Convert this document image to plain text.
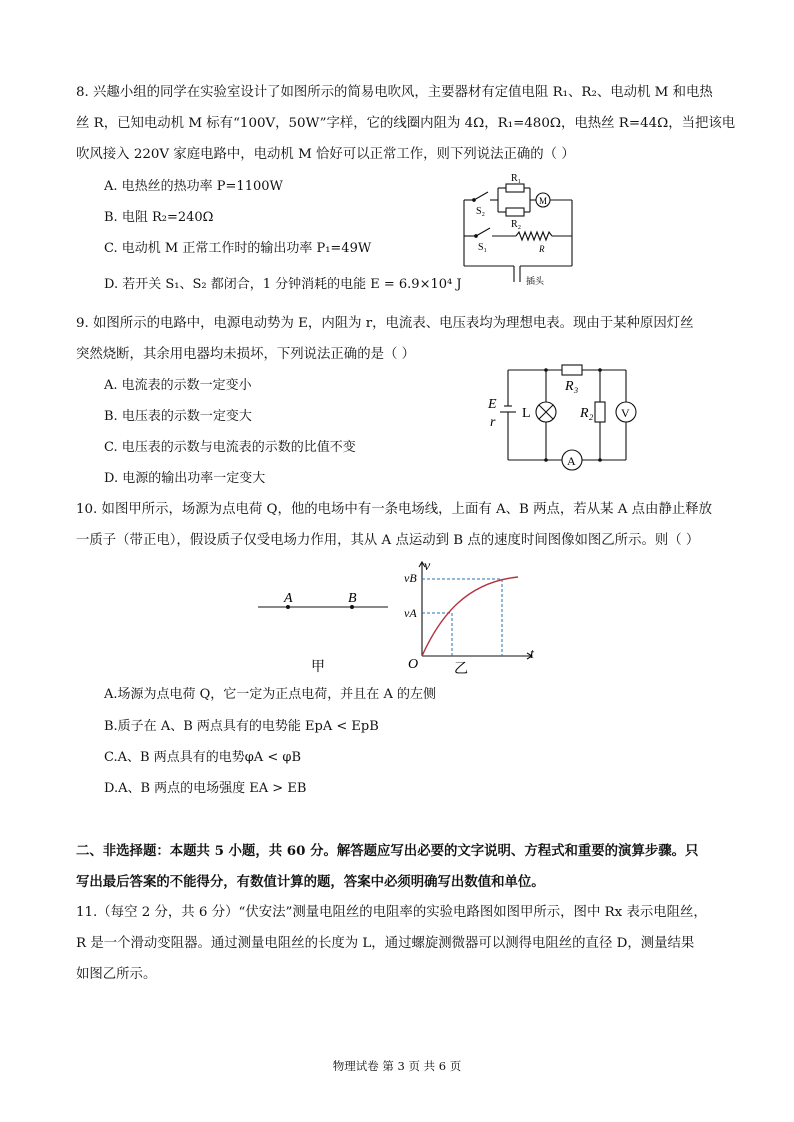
8. 兴趣小组的同学在实验室设计了如图所示的简易电吹风，主要器材有定值电阻 R₁、R₂、电动机 M 和电热
丝 R，已知电动机 M 标有“100V，50W”字样，它的线圈内阻为 4Ω，R₁=480Ω，电热丝 R=44Ω，当把该电
吹风接入 220V 家庭电路中，电动机 M 恰好可以正常工作，则下列说法正确的（ ）
A. 电热丝的热功率 P=1100W
B. 电阻 R₂=240Ω
C. 电动机 M 正常工作时的输出功率 P₁=49W
D. 若开关 S₁、S₂ 都闭合，1 分钟消耗的电能 E = 6.9×10⁴ J
R₁
R₂
M
S₂
S₁	R
插头
9. 如图所示的电路中，电源电动势为 E，内阻为 r，电流表、电压表均为理想电表。现由于某种原因灯丝
突然烧断，其余用电器均未损坏，下列说法正确的是（ ）
A. 电流表的示数一定变小
B. 电压表的示数一定变大
C. 电压表的示数与电流表的示数的比值不变
D. 电源的输出功率一定变大
E
r
L
R₃
R₂
A
V
10. 如图甲所示，场源为点电荷 Q，他的电场中有一条电场线，上面有 A、B 两点，若从某 A 点由静止释放
一质子（带正电），假设质子仅受电场力作用，其从 A 点运动到 B 点的速度时间图像如图乙所示。则（ ）
A	B
甲
v
vB
vA
O
t
乙
A.场源为点电荷 Q，它一定为正点电荷，并且在 A 的左侧
B.质子在 A、B 两点具有的电势能 EpA < EpB
C.A、B 两点具有的电势φA < φB
D.A、B 两点的电场强度 EA > EB
二、非选择题：本题共 5 小题，共 60 分。解答题应写出必要的文字说明、方程式和重要的演算步骤。只
写出最后答案的不能得分，有数值计算的题，答案中必须明确写出数值和单位。
11.（每空 2 分，共 6 分）“伏安法”测量电阻丝的电阻率的实验电路图如图甲所示，图中 Rx 表示电阻丝，
R 是一个滑动变阻器。通过测量电阻丝的长度为 L，通过螺旋测微器可以测得电阻丝的直径 D，测量结果
如图乙所示。
物理试卷 第 3 页 共 6 页
